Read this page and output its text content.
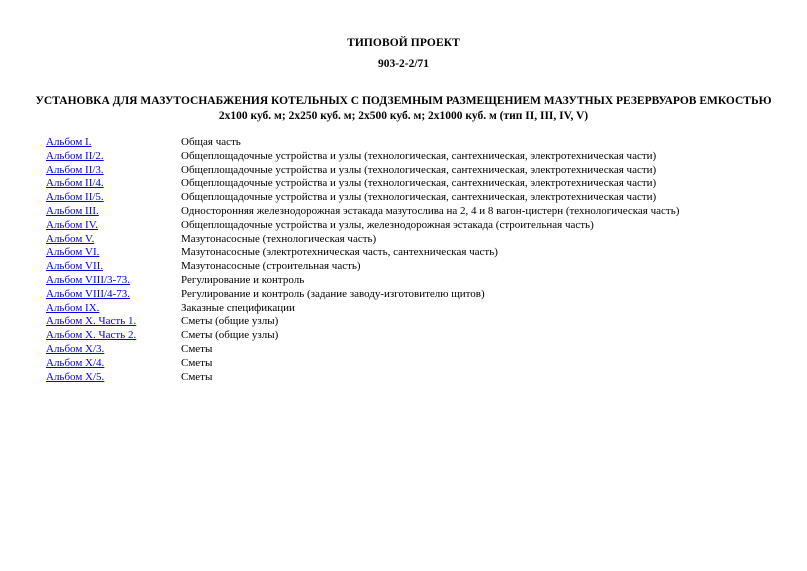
ТИПОВОЙ ПРОЕКТ
903-2-2/71
УСТАНОВКА ДЛЯ МАЗУТОСНАБЖЕНИЯ КОТЕЛЬНЫХ С ПОДЗЕМНЫМ РАЗМЕЩЕНИЕМ МАЗУТНЫХ РЕЗЕРВУАРОВ ЕМКОСТЬЮ
2х100 куб. м; 2х250 куб. м; 2х500 куб. м; 2х1000 куб. м (тип II, III, IV, V)
Альбом I.	Общая часть
Альбом II/2.	Общеплощадочные устройства и узлы (технологическая, сантехническая, электротехническая части)
Альбом II/3.	Общеплощадочные устройства и узлы (технологическая, сантехническая, электротехническая части)
Альбом II/4.	Общеплощадочные устройства и узлы (технологическая, сантехническая, электротехническая части)
Альбом II/5.	Общеплощадочные устройства и узлы (технологическая, сантехническая, электротехническая части)
Альбом III.	Односторонняя железнодорожная эстакада мазутослива на 2, 4 и 8 вагон-цистерн (технологическая часть)
Альбом IV.	Общеплощадочные устройства и узлы, железнодорожная эстакада (строительная часть)
Альбом V.	Мазутонасосные (технологическая часть)
Альбом VI.	Мазутонасосные (электротехническая часть, сантехническая часть)
Альбом VII.	Мазутонасосные (строительная часть)
Альбом VIII/3-73.	Регулирование и контроль
Альбом VIII/4-73.	Регулирование и контроль (задание заводу-изготовителю щитов)
Альбом IX.	Заказные спецификации
Альбом X. Часть 1.	Сметы (общие узлы)
Альбом X. Часть 2.	Сметы (общие узлы)
Альбом X/3.	Сметы
Альбом X/4.	Сметы
Альбом X/5.	Сметы
